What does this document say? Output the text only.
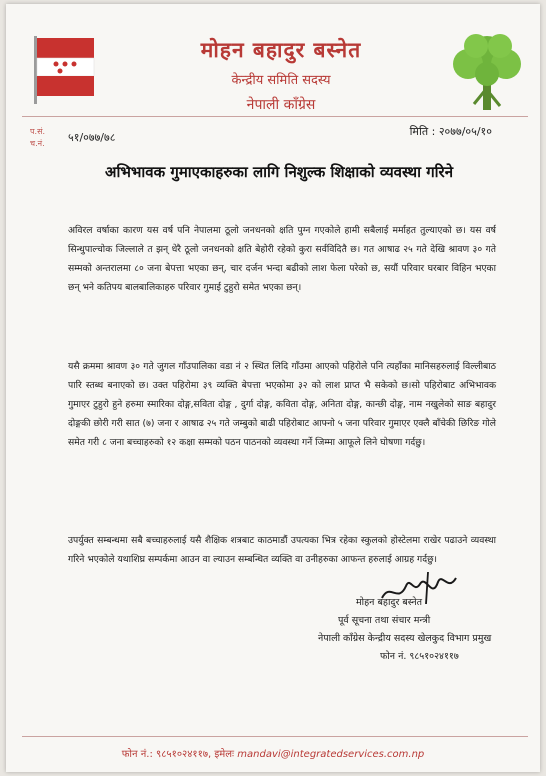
मोहन बहादुर बस्नेत
केन्द्रीय समिति सदस्य
नेपाली काँग्रेस
प.सं.
च.नं. ५१/०७७/७८	मिति : २०७७/०५/१०
अभिभावक गुमाएकाहरुका लागि निशुल्क शिक्षाको व्यवस्था गरिने

अविरल वर्षाका कारण यस वर्ष पनि नेपालमा ठूलो जनधनको क्षति पुग्न गएकोले हामी सबैलाई मर्माहत तुल्याएको छ। यस वर्ष सिन्धुपाल्चोक जिल्लाले त झन् धेरै ठूलो जनधनको क्षति बेहोरी रहेको कुरा सर्वविदितै छ। गत आषाढ २५ गते देखि श्रावण ३० गते सम्मको अन्तरालमा ८० जना बेपत्ता भएका छन्, चार दर्जन भन्दा बढीको लाश फेला परेको छ, सयौं परिवार घरबार विहिन भएका छन् भने कतिपय बालबालिकाहरु परिवार गुमाई टुहुरो समेत भएका छन्।

यसै क्रममा श्रावण ३० गते जुगल गाँउपालिका वडा नं २ स्थित लिदि गाँउमा आएको पहिरोले पनि त्यहाँका मानिसहरुलाई विल्लीबाठ पारि स्तब्ध बनाएको छ। उक्त पहिरोमा ३९ व्यक्ति बेपत्ता भएकोमा ३२ को लाश प्राप्त भै सकेको छ।सो पहिरोबाट अभिभावक गुमाएर टुहुरो हुने हरुमा स्मारिका दोङ्ग,सविता दोङ्ग , दुर्गा दोङ्ग, कविता दोङ्ग, अनिता दोङ्ग, कान्छी दोङ्ग, नाम नखुलेको साङ बहादुर दोङ्गकी छोरी गरी सात (७) जना र आषाढ २५ गते जम्बुको बाढी पहिरोबाट आफ्नो ५ जना परिवार गुमाएर एक्लै बाँचेकी छिरिङ गोले समेत गरी ८ जना बच्चाहरुको १२ कक्षा सम्मको पठन पाठनको व्यवस्था गर्ने जिम्मा आफूले लिने घोषणा गर्दछु।

उपर्युक्त सम्बन्धमा सबै बच्चाहरुलाई यसै शैक्षिक शत्रबाट काठमाडौं उपत्यका भित्र रहेका स्कुलको होस्टेलमा राखेर पढाउने व्यवस्था गरिने भएकोले यथाशिघ्र सम्पर्कमा आउन वा ल्याउन सम्बन्धित व्यक्ति वा उनीहरुका आफन्त हरुलाई आग्रह गर्दछु।

मोहन बहादुर बस्नेत
पूर्व सूचना तथा संचार मन्त्री
नेपाली काँग्रेस केन्द्रीय सदस्य खेलकुद विभाग प्रमुख
फोन नं. ९८५१०२४११७
फोन नं.: ९८५१०२४११७, इमेलः mandavi@integratedservices.com.np
